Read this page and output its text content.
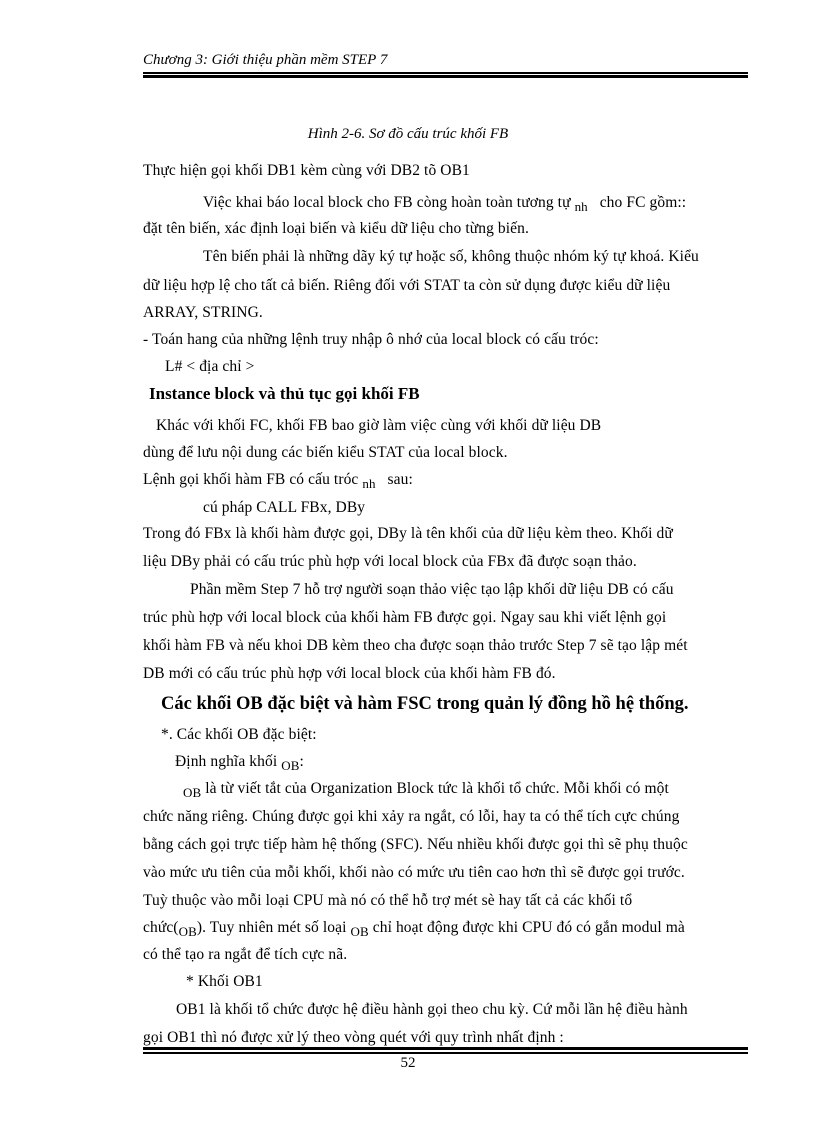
Chương 3: Giới thiệu phần mềm STEP 7
Hình 2-6. Sơ đồ cấu trúc khối FB
Thực hiện gọi khối DB1 kèm cùng với DB2 tõ OB1
Việc khai báo local block cho FB còng hoàn toàn tương tự $_{nh}$ cho FC gồm::
đặt tên biến, xác định loại biến và kiểu dữ liệu cho từng biến.
Tên biến phải là những dãy ký tự hoặc số, không thuộc nhóm ký tự khoá. Kiểu
dữ liệu hợp lệ cho tất cả biến. Riêng đối với STAT ta còn sử dụng được kiểu dữ liệu
ARRAY, STRING.
- Toán hang của những lệnh truy nhập ô nhớ của local block có cấu tróc:
L# < địa chỉ >
Instance block và thủ tục gọi khối FB
Khác với khối FC, khối FB bao giờ làm việc cùng với khối dữ liệu DB
dùng để lưu nội dung các biến kiểu STAT của local block.
Lệnh gọi khối hàm FB có cấu tróc $_{nh}$ sau:
cú pháp CALL FBx, DBy
Trong đó FBx là khối hàm được gọi, DBy là tên khối của dữ liệu kèm theo. Khối dữ
liệu DBy phải có cấu trúc phù hợp với local block của FBx đã được soạn thảo.
Phần mềm Step 7 hỗ trợ người soạn thảo việc tạo lập khối dữ liệu DB có cấu
trúc phù hợp với local block của khối hàm FB được gọi. Ngay sau khi viết lệnh gọi
khối hàm FB và nếu khoi DB kèm theo cha được soạn thảo trước Step 7 sẽ tạo lập mét
DB mới có cấu trúc phù hợp với local block của khối hàm FB đó.
Các khối OB đặc biệt và hàm FSC trong quản lý đồng hồ hệ thống.
*. Các khối OB đặc biệt:
Định nghĩa khối $_{OB}$:
$_{OB}$ là từ viết tắt của Organization Block tức là khối tổ chức. Mỗi khối có một
chức năng riêng. Chúng được gọi khi xảy ra ngắt, có lỗi, hay ta có thể tích cực chúng
bằng cách gọi trực tiếp hàm hệ thống (SFC). Nếu nhiều khối được gọi thì sẽ phụ thuộc
vào mức ưu tiên của mỗi khối, khối nào có mức ưu tiên cao hơn thì sẽ được gọi trước.
Tuỳ thuộc vào mỗi loại CPU mà nó có thể hỗ trợ mét sè hay tất cả các khối tổ
$chức(_{OB})$. Tuy nhiên mét số loại $_{OB}$ chỉ hoạt động được khi CPU đó có gắn modul mà
có thể tạo ra ngắt để tích cực nã.
* Khối OB1
OB1 là khối tổ chức được hệ điều hành gọi theo chu kỳ. Cứ mỗi lần hệ điều hành
gọi OB1 thì nó được xử lý theo vòng quét với quy trình nhất định :
52
